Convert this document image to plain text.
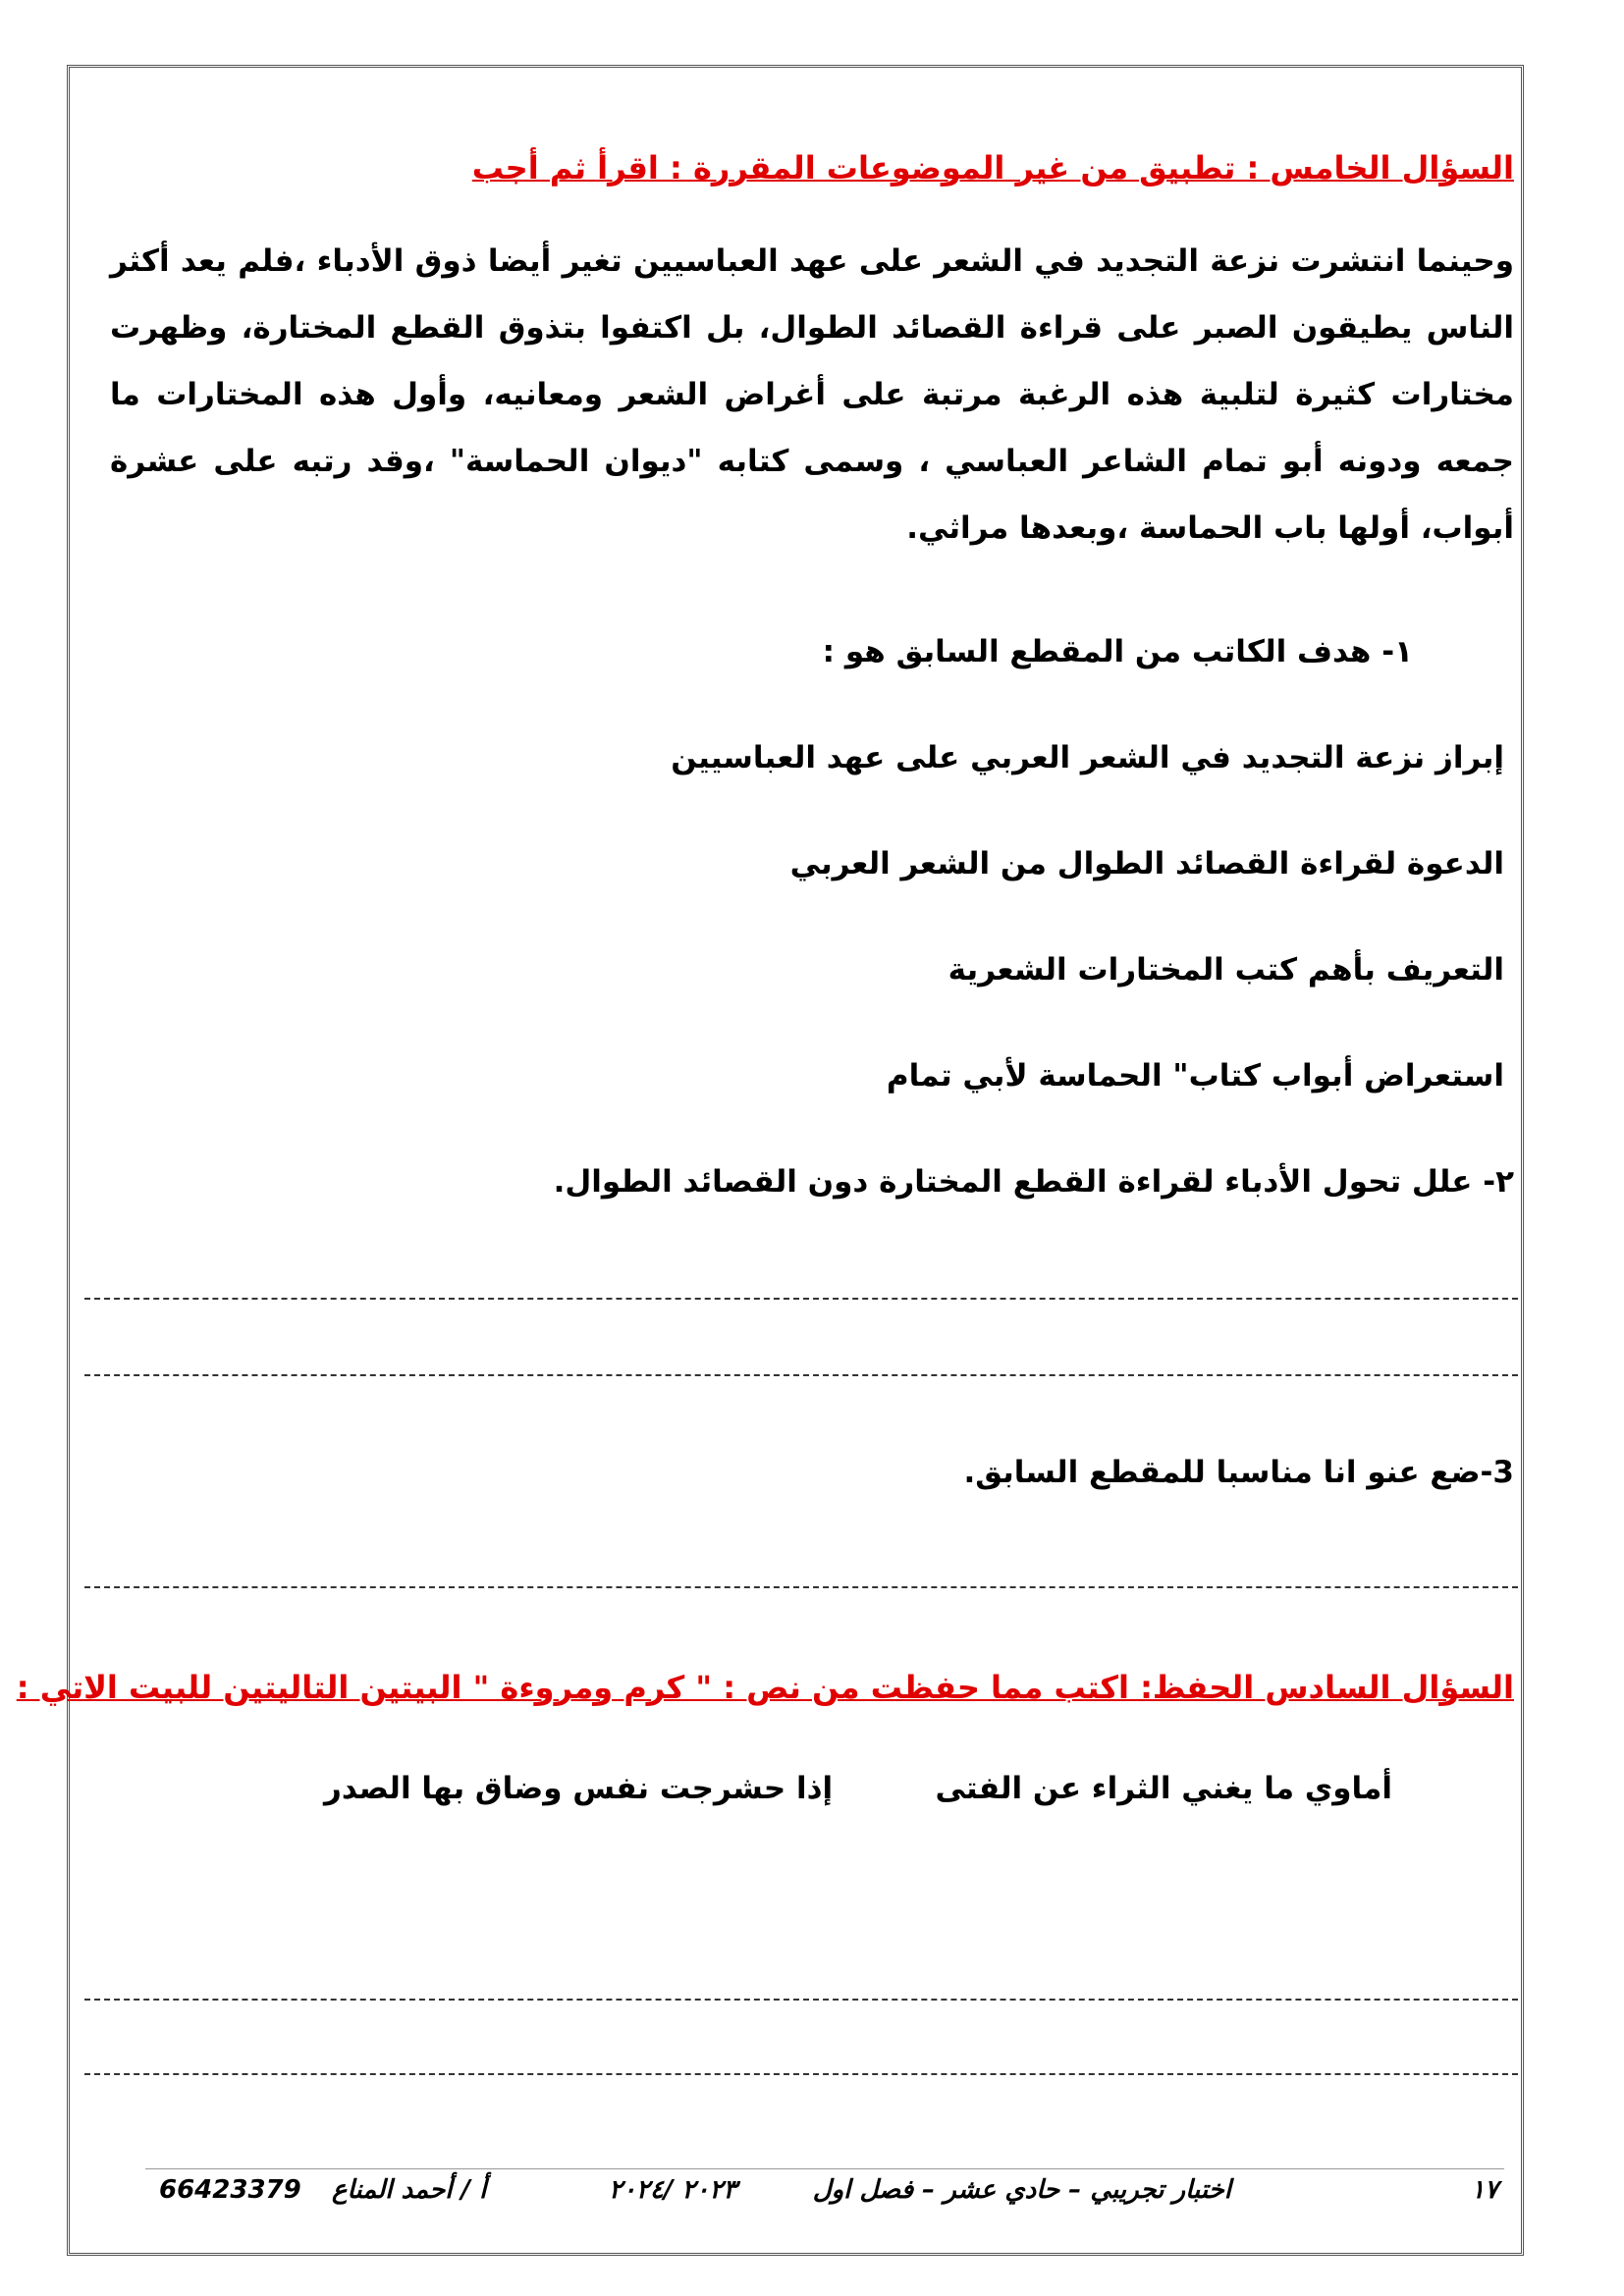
السؤال الخامس : تطبيق من غير الموضوعات المقررة : اقرأ ثم أجب
وحينما انتشرت نزعة التجديد في الشعر على عهد العباسيين تغير أيضا ذوق الأدباء ،فلم يعد أكثر الناس يطيقون الصبر على قراءة القصائد الطوال، بل اكتفوا بتذوق القطع المختارة، وظهرت مختارات كثيرة لتلبية هذه الرغبة مرتبة على أغراض الشعر ومعانيه، وأول هذه المختارات ما جمعه ودونه أبو تمام الشاعر العباسي ، وسمى كتابه "ديوان الحماسة" ،وقد رتبه على عشرة أبواب، أولها باب الحماسة ،وبعدها مراثي.
١- هدف الكاتب من المقطع السابق هو :
إبراز نزعة التجديد في الشعر العربي على عهد العباسيين
الدعوة لقراءة القصائد الطوال من الشعر العربي
التعريف بأهم كتب المختارات الشعرية
استعراض أبواب كتاب" الحماسة لأبي تمام
٢- علل تحول الأدباء لقراءة القطع المختارة دون القصائد الطوال.
3-ضع عنو انا مناسبا للمقطع السابق.
السؤال السادس الحفظ: اكتب مما حفظت من نص : " كرم ومروءة " البيتين التاليتين للبيت الاتي :
أماوي ما يغني الثراء عن الفتى
إذا حشرجت نفس وضاق بها الصدر
١٧
اختبار تجريبي – حادي عشر – فصل اول
٢٠٢٣ /٢٠٢٤
أ / أحمد المناع
66423379
